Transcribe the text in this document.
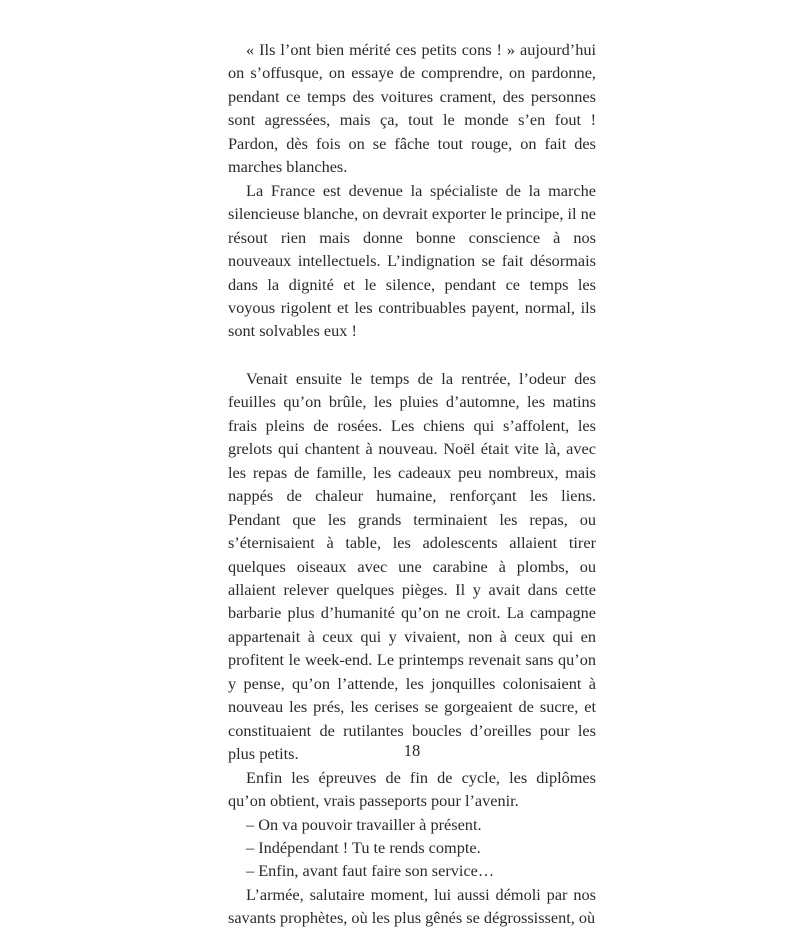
« Ils l’ont bien mérité ces petits cons ! » aujourd’hui on s’offusque, on essaye de comprendre, on pardonne, pendant ce temps des voitures crament, des personnes sont agressées, mais ça, tout le monde s’en fout ! Pardon, dès fois on se fâche tout rouge, on fait des marches blanches.

La France est devenue la spécialiste de la marche silencieuse blanche, on devrait exporter le principe, il ne résout rien mais donne bonne conscience à nos nouveaux intellectuels. L’indignation se fait désormais dans la dignité et le silence, pendant ce temps les voyous rigolent et les contribuables payent, normal, ils sont solvables eux !

Venait ensuite le temps de la rentrée, l’odeur des feuilles qu’on brûle, les pluies d’automne, les matins frais pleins de rosées. Les chiens qui s’affolent, les grelots qui chantent à nouveau. Noël était vite là, avec les repas de famille, les cadeaux peu nombreux, mais nappés de chaleur humaine, renforçant les liens. Pendant que les grands terminaient les repas, ou s’éternisaient à table, les adolescents allaient tirer quelques oiseaux avec une carabine à plombs, ou allaient relever quelques pièges. Il y avait dans cette barbarie plus d’humanité qu’on ne croit. La campagne appartenait à ceux qui y vivaient, non à ceux qui en profitent le week-end. Le printemps revenait sans qu’on y pense, qu’on l’attende, les jonquilles colonisaient à nouveau les prés, les cerises se gorgeaient de sucre, et constituaient de rutilantes boucles d’oreilles pour les plus petits.

Enfin les épreuves de fin de cycle, les diplômes qu’on obtient, vrais passeports pour l’avenir.

– On va pouvoir travailler à présent.

– Indépendant ! Tu te rends compte.

– Enfin, avant faut faire son service…

L’armée, salutaire moment, lui aussi démoli par nos savants prophètes, où les plus gênés se dégrossissent, où

18
